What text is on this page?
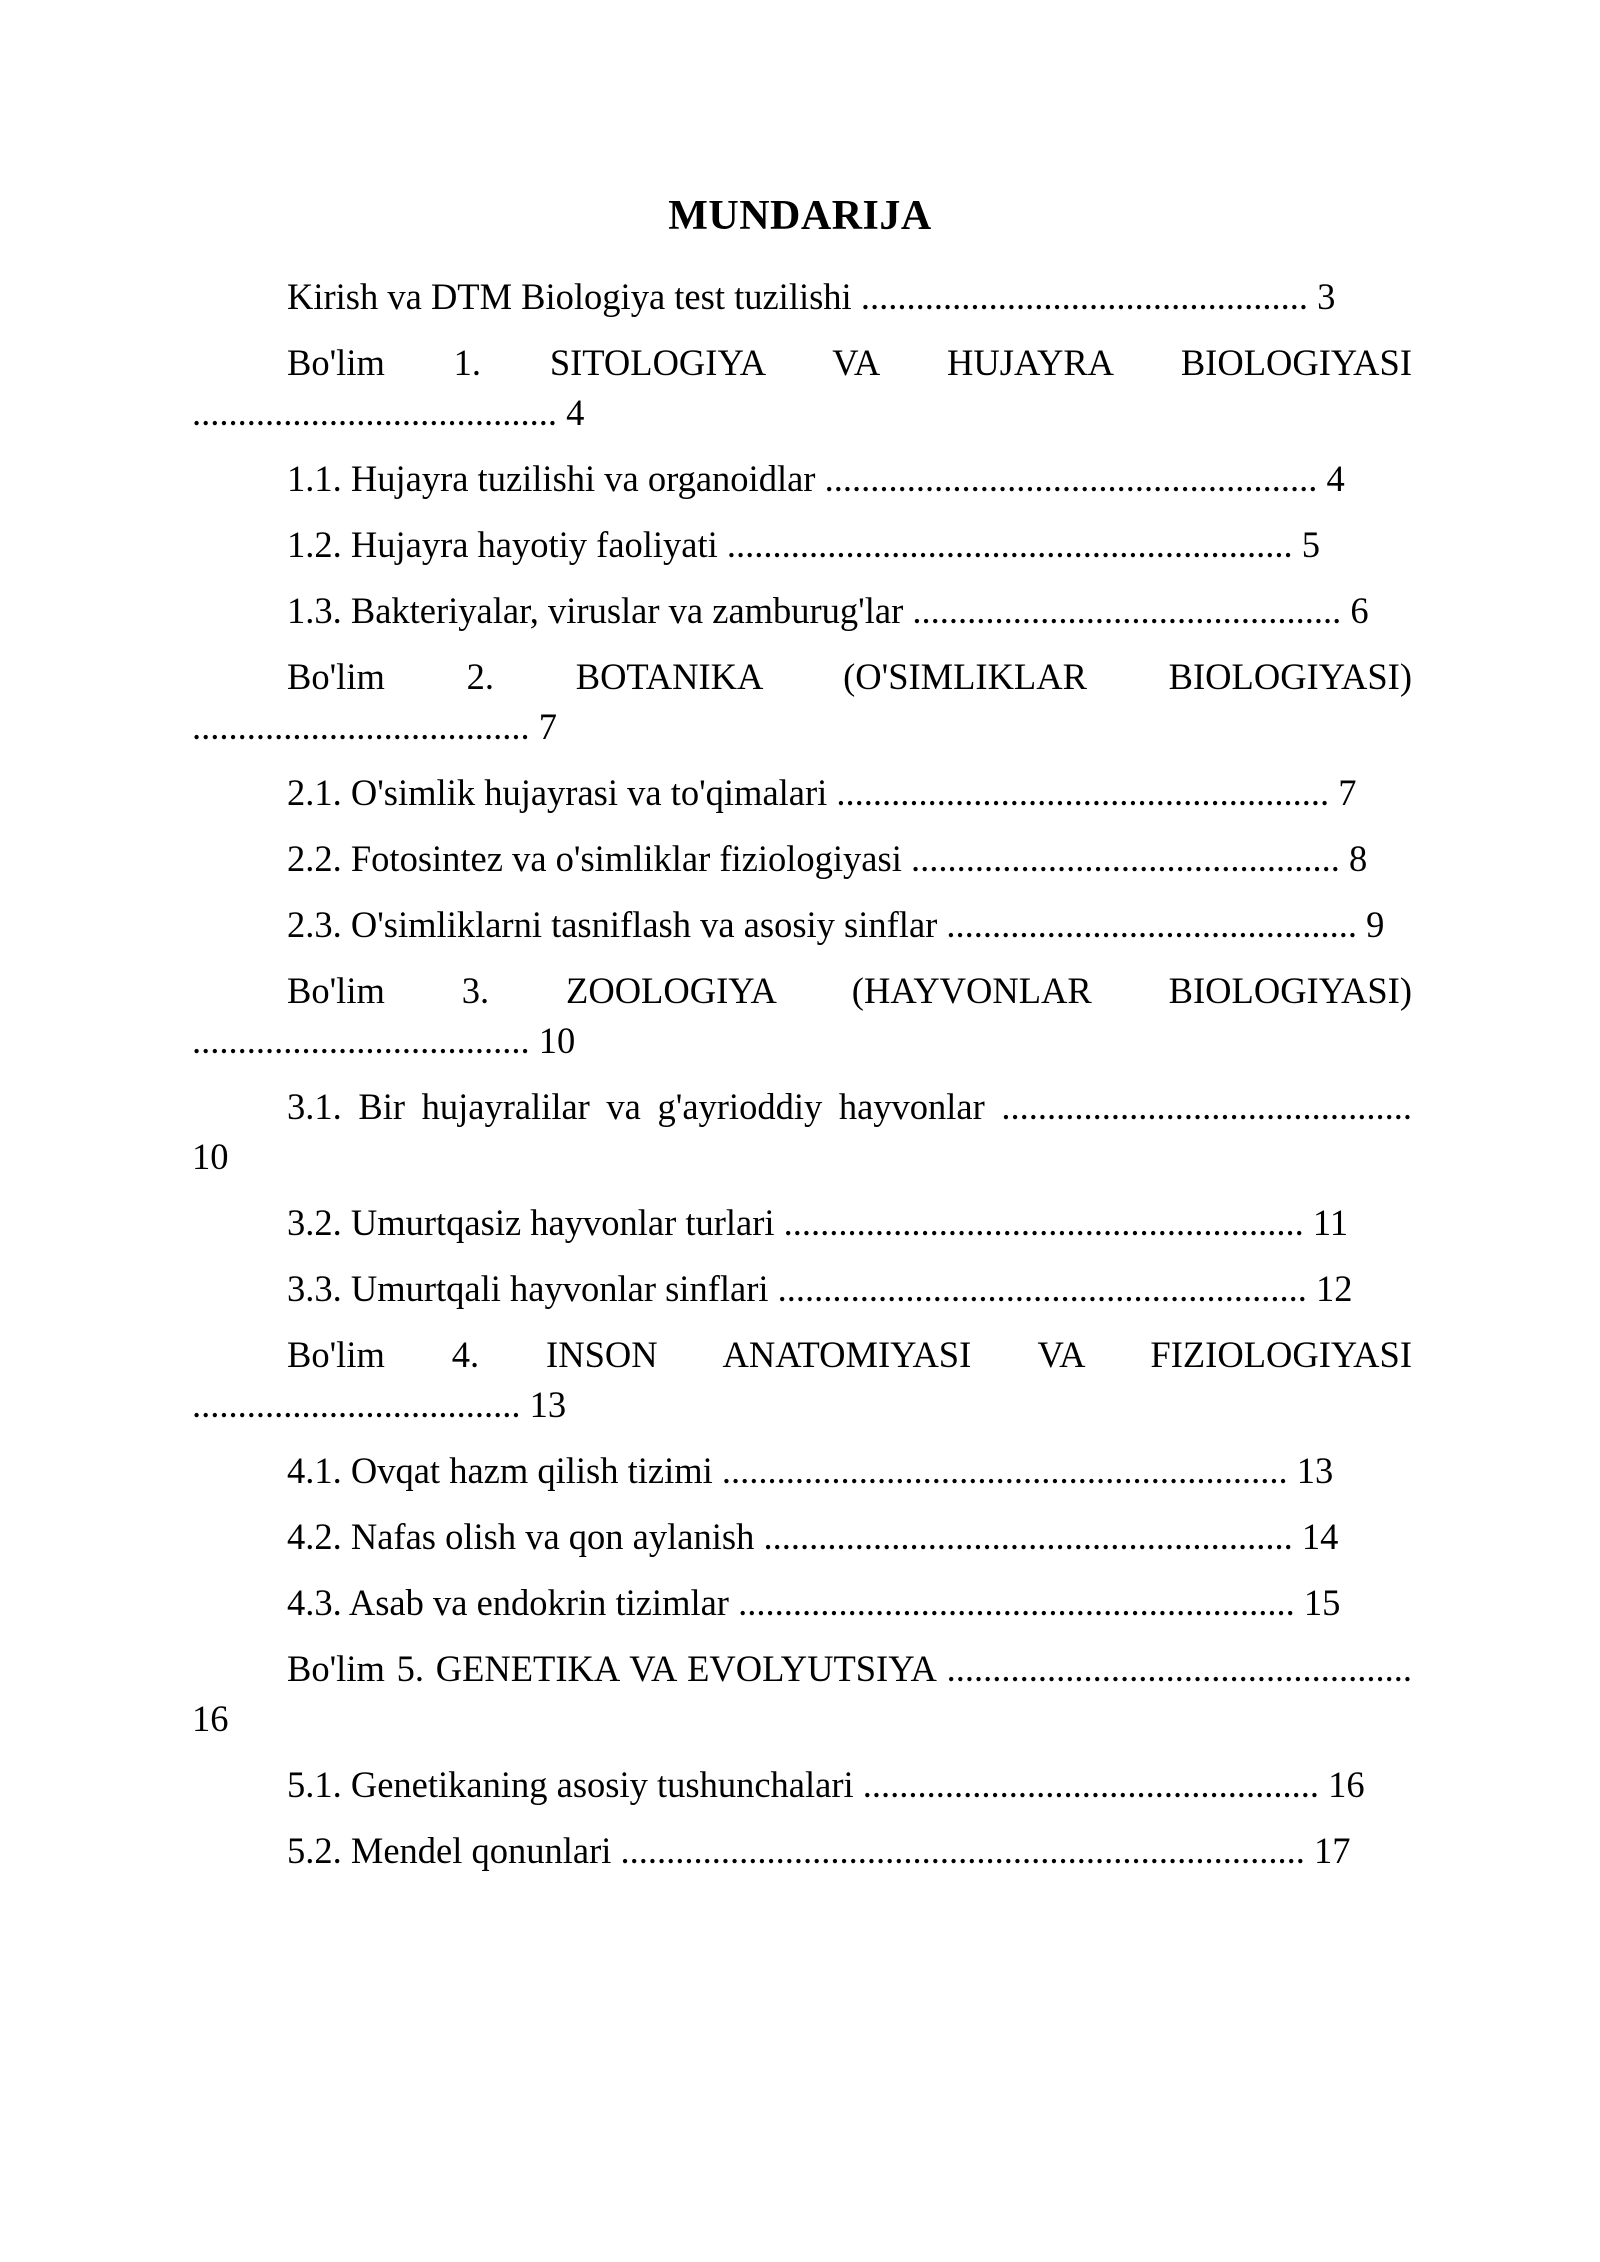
MUNDARIJA

Kirish va DTM Biologiya test tuzilishi ................................................. 3

Bo'lim 1. SITOLOGIYA VA HUJAYRA BIOLOGIYASI ........................................ 4

1.1. Hujayra tuzilishi va organoidlar ...................................................... 4

1.2. Hujayra hayotiy faoliyati .............................................................. 5

1.3. Bakteriyalar, viruslar va zamburug'lar ............................................... 6

Bo'lim 2. BOTANIKA (O'SIMLIKLAR BIOLOGIYASI) ..................................... 7

2.1. O'simlik hujayrasi va to'qimalari ...................................................... 7

2.2. Fotosintez va o'simliklar fiziologiyasi ............................................... 8

2.3. O'simliklarni tasniflash va asosiy sinflar ............................................. 9

Bo'lim 3. ZOOLOGIYA (HAYVONLAR BIOLOGIYASI) ..................................... 10

3.1. Bir hujayralilar va g'ayrioddiy hayvonlar ............................................. 10

3.2. Umurtqasiz hayvonlar turlari ......................................................... 11

3.3. Umurtqali hayvonlar sinflari .......................................................... 12

Bo'lim 4. INSON ANATOMIYASI VA FIZIOLOGIYASI .................................... 13

4.1. Ovqat hazm qilish tizimi .............................................................. 13

4.2. Nafas olish va qon aylanish .......................................................... 14

4.3. Asab va endokrin tizimlar ............................................................. 15

Bo'lim 5. GENETIKA VA EVOLYUTSIYA ................................................... 16

5.1. Genetikaning asosiy tushunchalari .................................................. 16

5.2. Mendel qonunlari ........................................................................... 17
